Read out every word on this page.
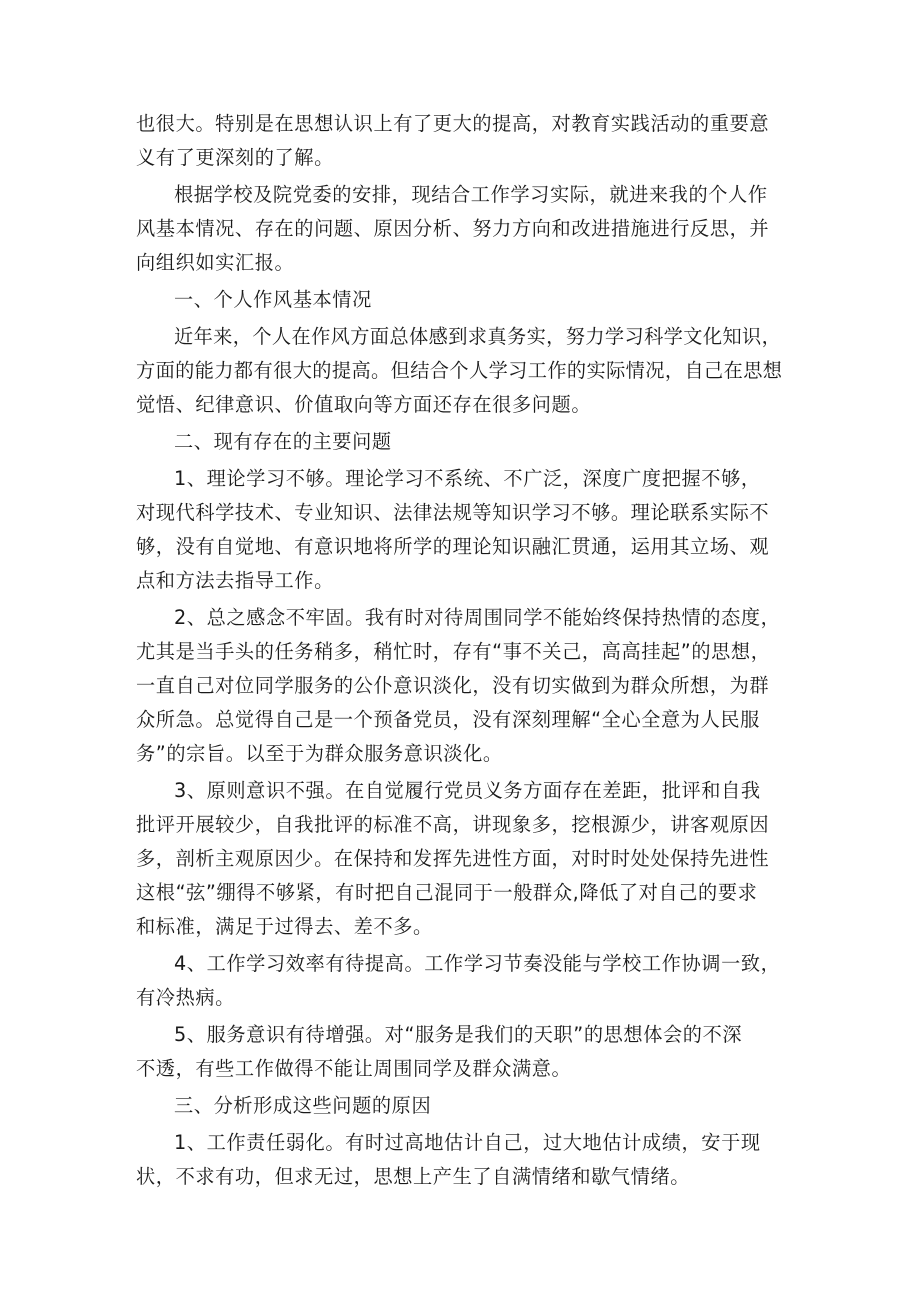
也很大。特别是在思想认识上有了更大的提高，对教育实践活动的重要意
义有了更深刻的了解。
根据学校及院党委的安排，现结合工作学习实际，就进来我的个人作
风基本情况、存在的问题、原因分析、努力方向和改进措施进行反思，并
向组织如实汇报。
一、个人作风基本情况
近年来，个人在作风方面总体感到求真务实，努力学习科学文化知识，
方面的能力都有很大的提高。但结合个人学习工作的实际情况，自己在思想
觉悟、纪律意识、价值取向等方面还存在很多问题。
二、现有存在的主要问题
1、理论学习不够。理论学习不系统、不广泛，深度广度把握不够，
对现代科学技术、专业知识、法律法规等知识学习不够。理论联系实际不
够，没有自觉地、有意识地将所学的理论知识融汇贯通，运用其立场、观
点和方法去指导工作。
2、总之感念不牢固。我有时对待周围同学不能始终保持热情的态度，
尤其是当手头的任务稍多，稍忙时，存有“事不关己，高高挂起”的思想，
一直自己对位同学服务的公仆意识淡化，没有切实做到为群众所想，为群
众所急。总觉得自己是一个预备党员，没有深刻理解“全心全意为人民服
务”的宗旨。以至于为群众服务意识淡化。
3、原则意识不强。在自觉履行党员义务方面存在差距，批评和自我
批评开展较少，自我批评的标准不高，讲现象多，挖根源少，讲客观原因
多，剖析主观原因少。在保持和发挥先进性方面，对时时处处保持先进性
这根“弦”绷得不够紧，有时把自己混同于一般群众,降低了对自己的要求
和标准，满足于过得去、差不多。
4、工作学习效率有待提高。工作学习节奏没能与学校工作协调一致，
有冷热病。
5、服务意识有待增强。对“服务是我们的天职”的思想体会的不深
不透，有些工作做得不能让周围同学及群众满意。
三、分析形成这些问题的原因
1、工作责任弱化。有时过高地估计自己，过大地估计成绩，安于现
状，不求有功，但求无过，思想上产生了自满情绪和歇气情绪。
